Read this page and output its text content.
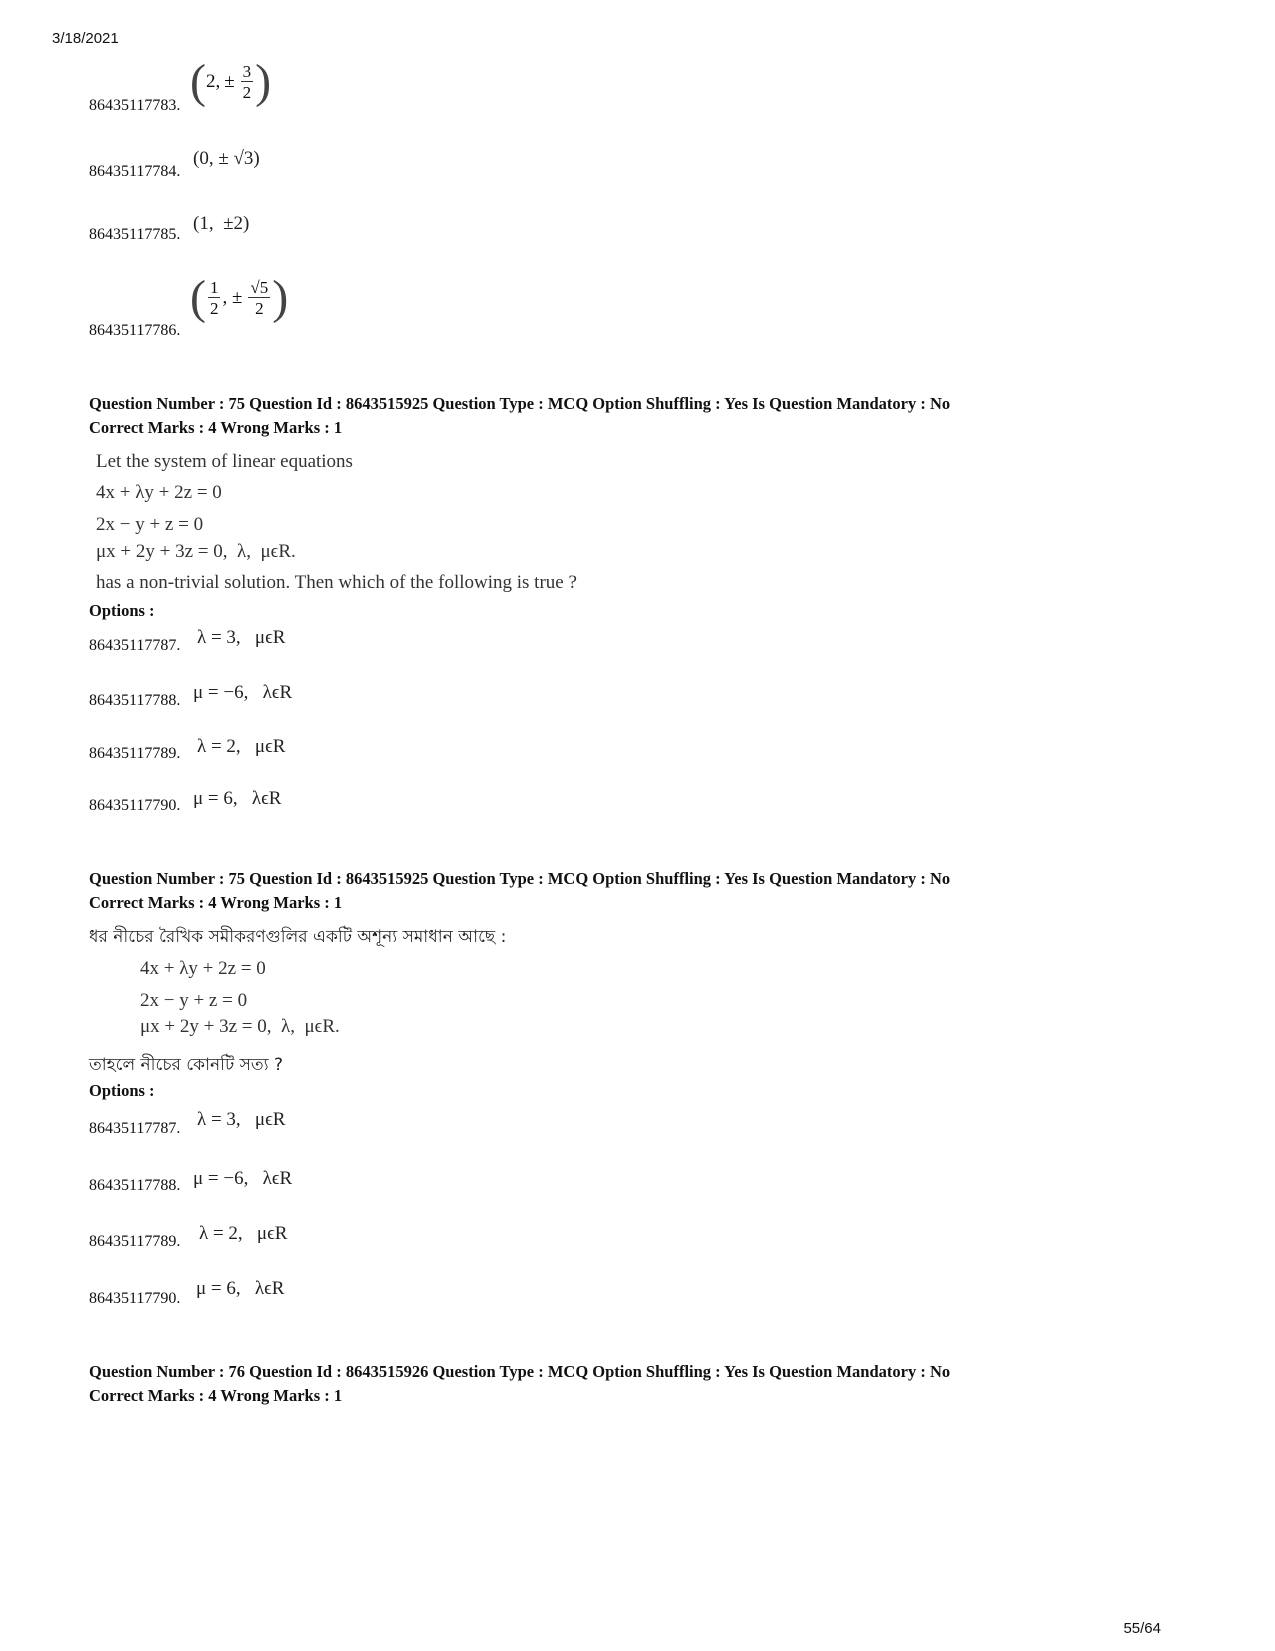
3/18/2021
86435117783. (2, ± $\frac{3}{2}$ )
86435117784.
(0, ± √3)
86435117785.
(1,  ±2)
86435117786.
( $\frac{1}{2}$ , ± $\frac{√5}{2}$ )
Question Number : 75 Question Id : 8643515925 Question Type : MCQ Option Shuffling : Yes Is Question Mandatory : No
Correct Marks : 4 Wrong Marks : 1
Let the system of linear equations
4x + λy + 2z = 0
2x − y + z = 0
μx + 2y + 3z = 0,  λ,  μϵR.
has a non-trivial solution. Then which of the following is true ?
Options :
86435117787. λ = 3,   μϵR
86435117788. μ = −6,   λϵR
86435117789. λ = 2,   μϵR
86435117790. μ = 6,   λϵR
Question Number : 75 Question Id : 8643515925 Question Type : MCQ Option Shuffling : Yes Is Question Mandatory : No
Correct Marks : 4 Wrong Marks : 1
ধর নীচের রৈখিক সমীকরণগুলির একটি অশূন্য সমাধান আছে :
4x + λy + 2z = 0
2x − y + z = 0
μx + 2y + 3z = 0,  λ,  μϵR.
তাহলে নীচের কোনটি সত্য ?
Options :
86435117787. λ = 3,   μϵR
86435117788. μ = −6,   λϵR
86435117789. λ = 2,   μϵR
86435117790. μ = 6,   λϵR
Question Number : 76 Question Id : 8643515926 Question Type : MCQ Option Shuffling : Yes Is Question Mandatory : No
Correct Marks : 4 Wrong Marks : 1
55/64
